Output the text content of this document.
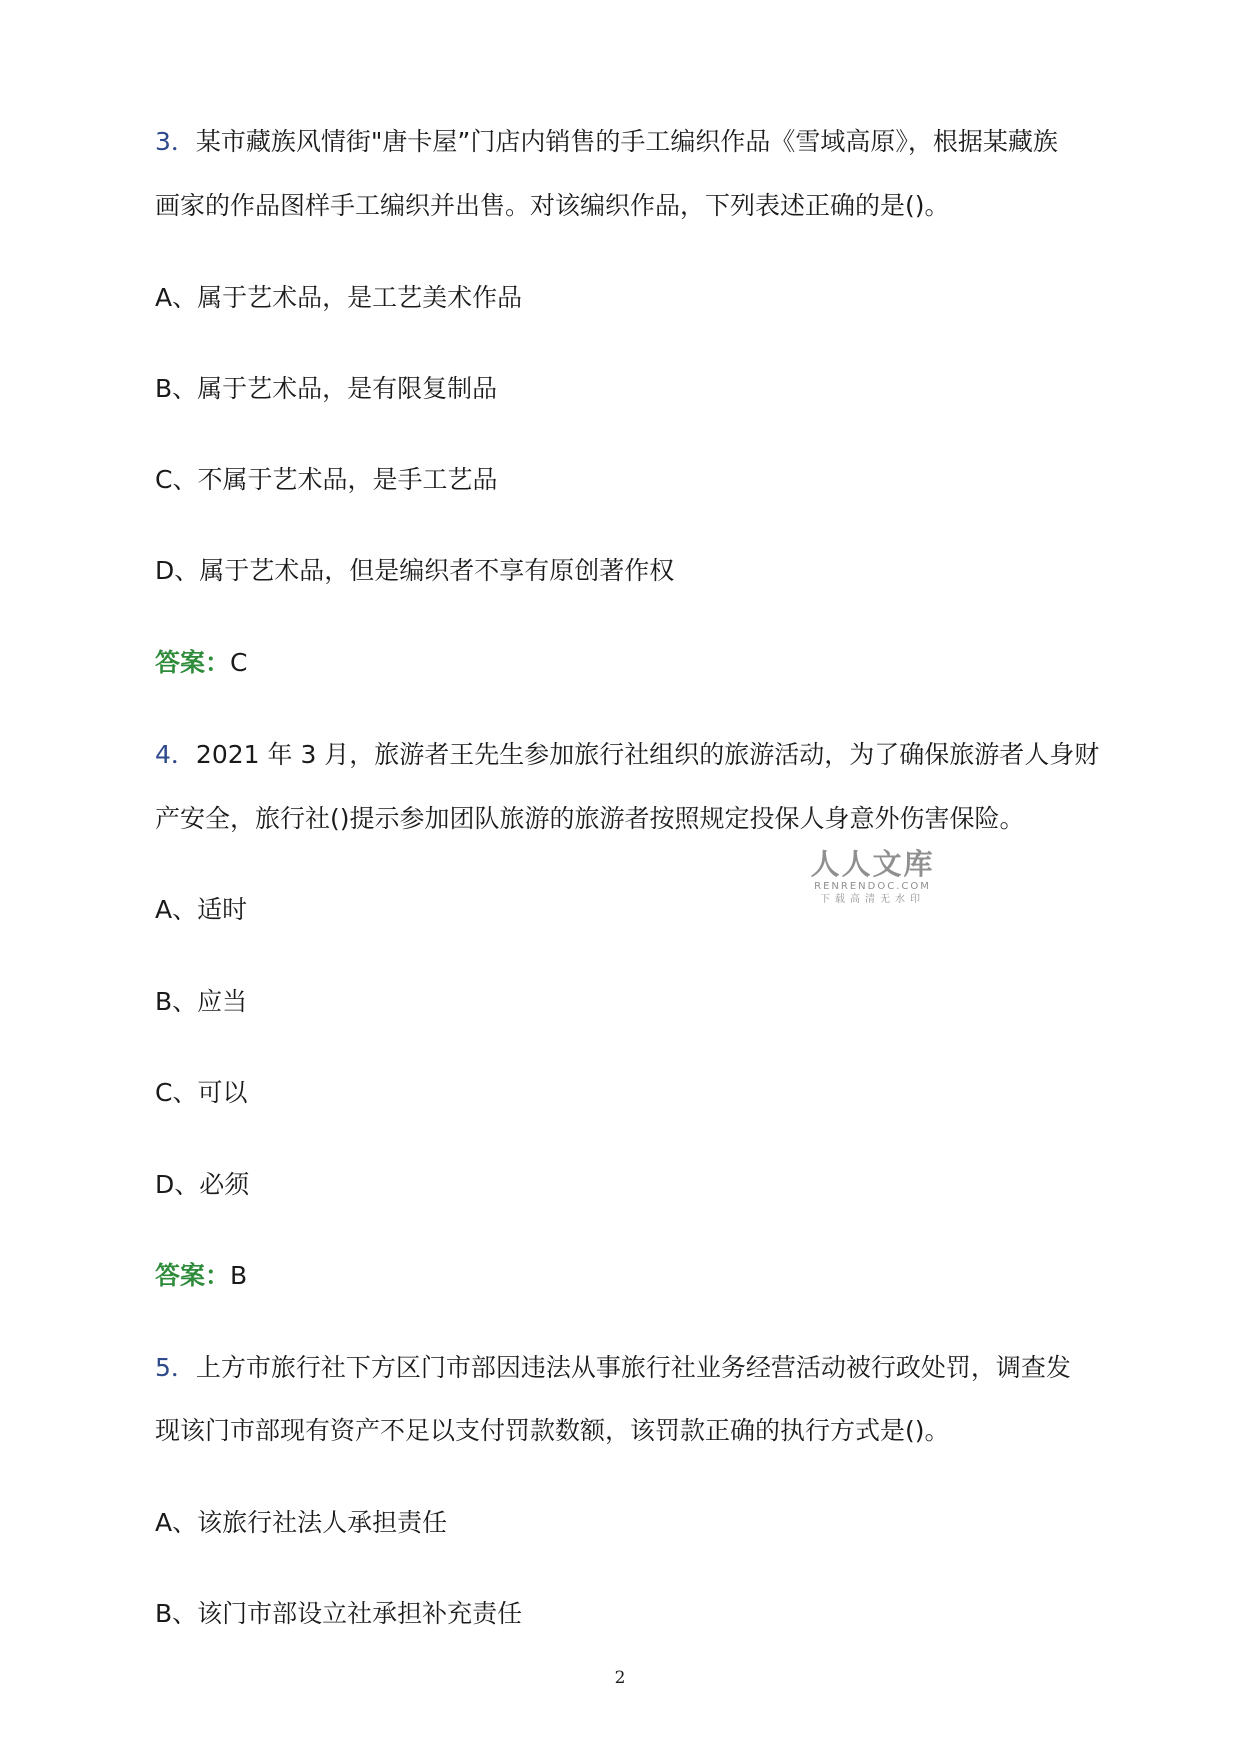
3．某市藏族风情街"唐卡屋”门店内销售的手工编织作品《雪域高原》，根据某藏族
画家的作品图样手工编织并出售。对该编织作品，下列表述正确的是()。
A、属于艺术品，是工艺美术作品
B、属于艺术品，是有限复制品
C、不属于艺术品，是手工艺品
D、属于艺术品，但是编织者不享有原创著作权
答案：C
4．2021 年 3 月，旅游者王先生参加旅行社组织的旅游活动，为了确保旅游者人身财
产安全，旅行社()提示参加团队旅游的旅游者按照规定投保人身意外伤害保险。
A、适时
B、应当
C、可以
D、必须
答案：B
5．上方市旅行社下方区门市部因违法从事旅行社业务经营活动被行政处罚，调查发
现该门市部现有资产不足以支付罚款数额，该罚款正确的执行方式是()。
A、该旅行社法人承担责任
B、该门市部设立社承担补充责任
人人文库
RENRENDOC.COM
下载高清无水印
2
